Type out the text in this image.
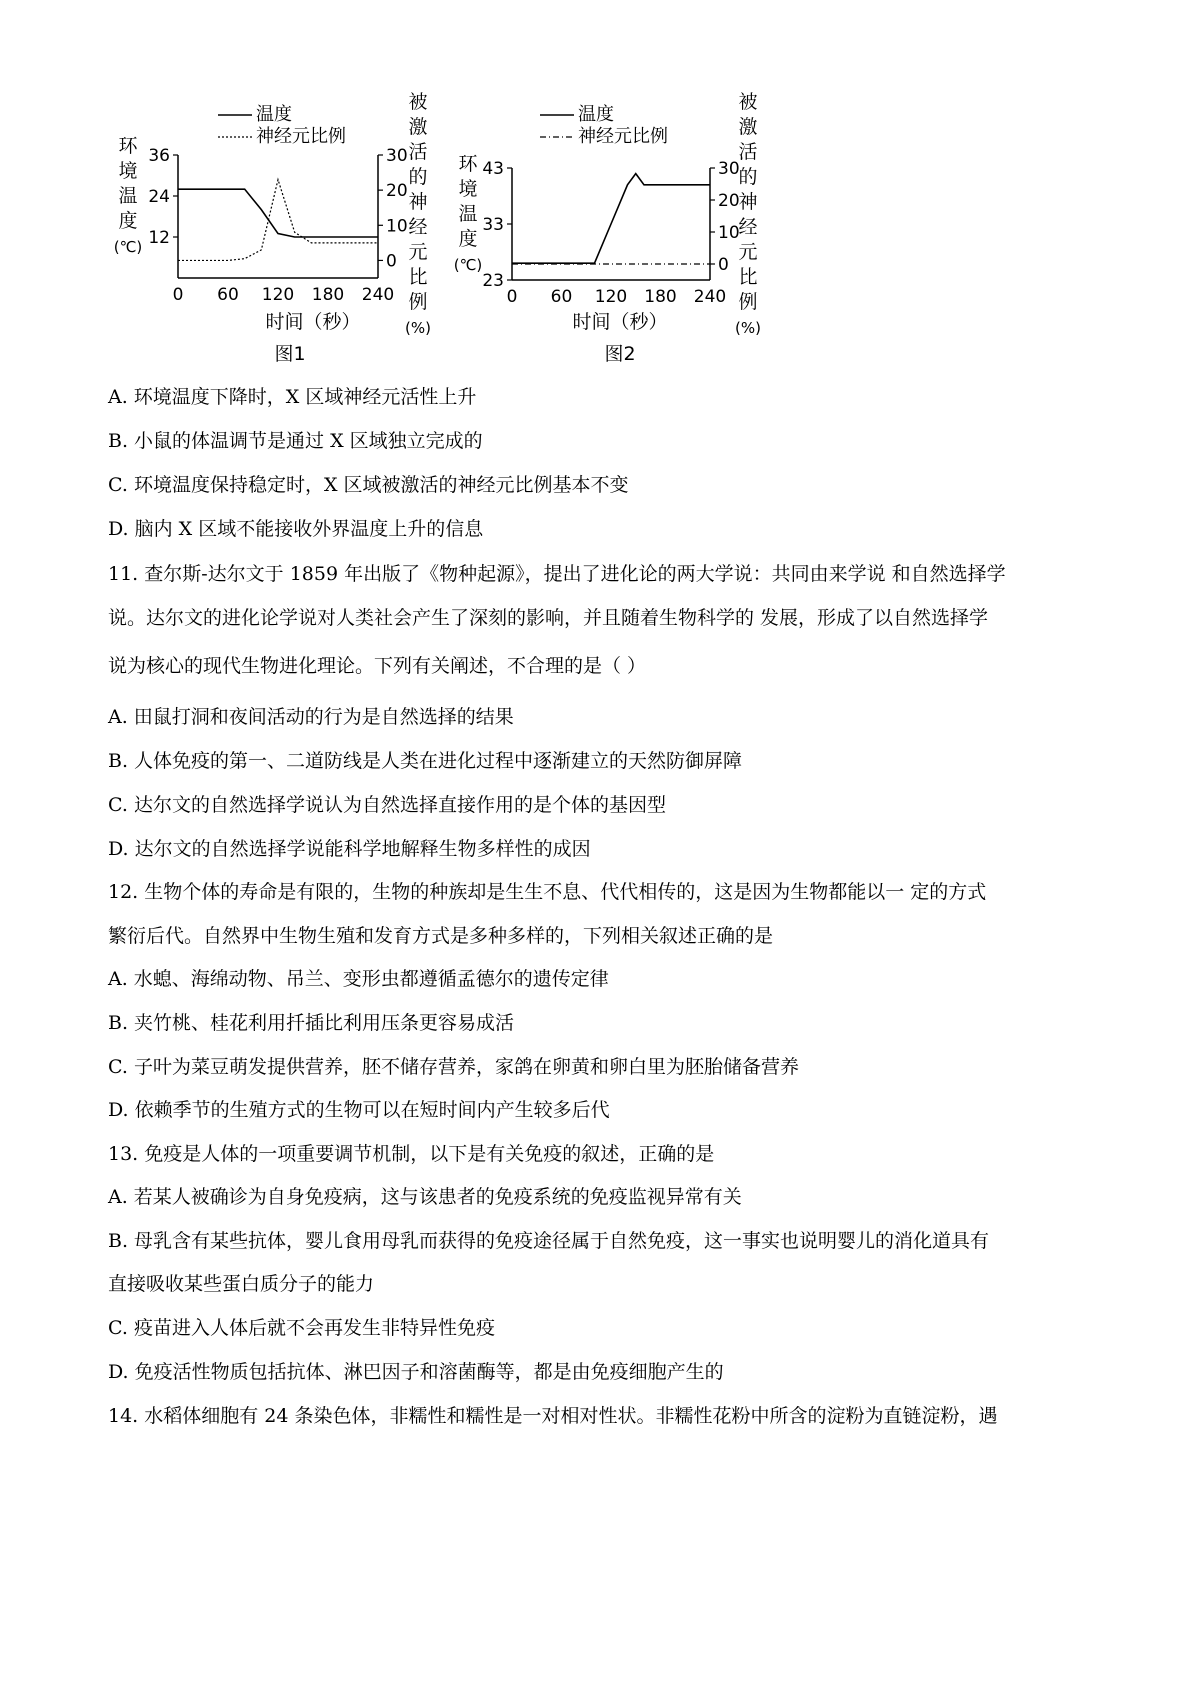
36
24
12
30
20
10
0
0 60 120 180 240
时间（秒）
图1
环
境
温
度
(℃)
被
激
活
的
神
经
元
比
例
(%)
温度
神经元比例
43
33
23
30
20
10
0
0 60 120 180 240
时间（秒）
图2
环
境
温
度
(℃)
被
激
活
的
神
经
元
比
例
(%)
温度
神经元比例
A. 环境温度下降时，X 区域神经元活性上升
B. 小鼠的体温调节是通过 X 区域独立完成的
C. 环境温度保持稳定时，X 区域被激活的神经元比例基本不变
D. 脑内 X 区域不能接收外界温度上升的信息
11. 查尔斯-达尔文于 1859 年出版了《物种起源》，提出了进化论的两大学说：共同由来学说 和自然选择学
说。达尔文的进化论学说对人类社会产生了深刻的影响，并且随着生物科学的 发展，形成了以自然选择学
说为核心的现代生物进化理论。下列有关阐述，不合理的是（ ）
A. 田鼠打洞和夜间活动的行为是自然选择的结果
B. 人体免疫的第一、二道防线是人类在进化过程中逐渐建立的天然防御屏障
C. 达尔文的自然选择学说认为自然选择直接作用的是个体的基因型
D. 达尔文的自然选择学说能科学地解释生物多样性的成因
12. 生物个体的寿命是有限的，生物的种族却是生生不息、代代相传的，这是因为生物都能以一 定的方式
繁衍后代。自然界中生物生殖和发育方式是多种多样的，下列相关叙述正确的是
A. 水螅、海绵动物、吊兰、变形虫都遵循孟德尔的遗传定律
B. 夹竹桃、桂花利用扦插比利用压条更容易成活
C. 子叶为菜豆萌发提供营养，胚不储存营养，家鸽在卵黄和卵白里为胚胎储备营养
D. 依赖季节的生殖方式的生物可以在短时间内产生较多后代
13. 免疫是人体的一项重要调节机制，以下是有关免疫的叙述，正确的是
A. 若某人被确诊为自身免疫病，这与该患者的免疫系统的免疫监视异常有关
B. 母乳含有某些抗体，婴儿食用母乳而获得的免疫途径属于自然免疫，这一事实也说明婴儿的消化道具有
直接吸收某些蛋白质分子的能力
C. 疫苗进入人体后就不会再发生非特异性免疫
D. 免疫活性物质包括抗体、淋巴因子和溶菌酶等，都是由免疫细胞产生的
14. 水稻体细胞有 24 条染色体，非糯性和糯性是一对相对性状。非糯性花粉中所含的淀粉为直链淀粉，遇
